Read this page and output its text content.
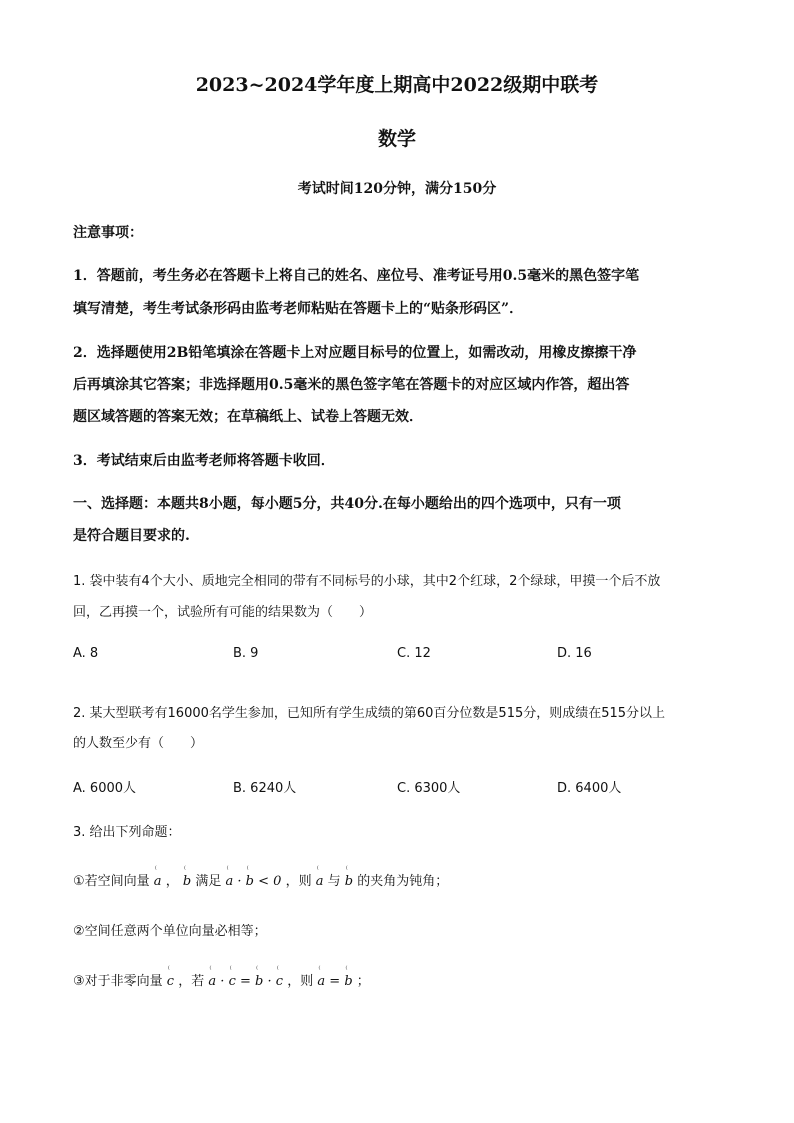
2023~2024学年度上期高中2022级期中联考
数学
考试时间120分钟，满分150分
注意事项：
1．答题前，考生务必在答题卡上将自己的姓名、座位号、准考证号用0.5毫米的黑色签字笔
填写清楚，考生考试条形码由监考老师粘贴在答题卡上的“贴条形码区”．
2．选择题使用2B铅笔填涂在答题卡上对应题目标号的位置上，如需改动，用橡皮擦擦干净
后再填涂其它答案；非选择题用0.5毫米的黑色签字笔在答题卡的对应区域内作答，超出答
题区域答题的答案无效；在草稿纸上、试卷上答题无效．
3．考试结束后由监考老师将答题卡收回．
一、选择题：本题共8小题，每小题5分，共40分.在每小题给出的四个选项中，只有一项
是符合题目要求的.
1. 袋中装有4个大小、质地完全相同的带有不同标号的小球，其中2个红球，2个绿球，甲摸一个后不放
回，乙再摸一个，试验所有可能的结果数为（　　）
A. 8	B. 9	C. 12	D. 16
2. 某大型联考有16000名学生参加，已知所有学生成绩的第60百分位数是515分，则成绩在515分以上
的人数至少有（　　）
A. 6000人	B. 6240人	C. 6300人	D. 6400人
3. 给出下列命题：
①若空间向量 ⁽ a ， ⁽ b 满足 ⁽ a · ⁽ b < 0 ，则 ⁽ a 与 ⁽ b 的夹角为钝角；
②空间任意两个单位向量必相等；
③对于非零向量 ⁽ c ，若 ⁽ a · ⁽ c = ⁽ b · ⁽ c ，则 ⁽ a = ⁽ b ；
